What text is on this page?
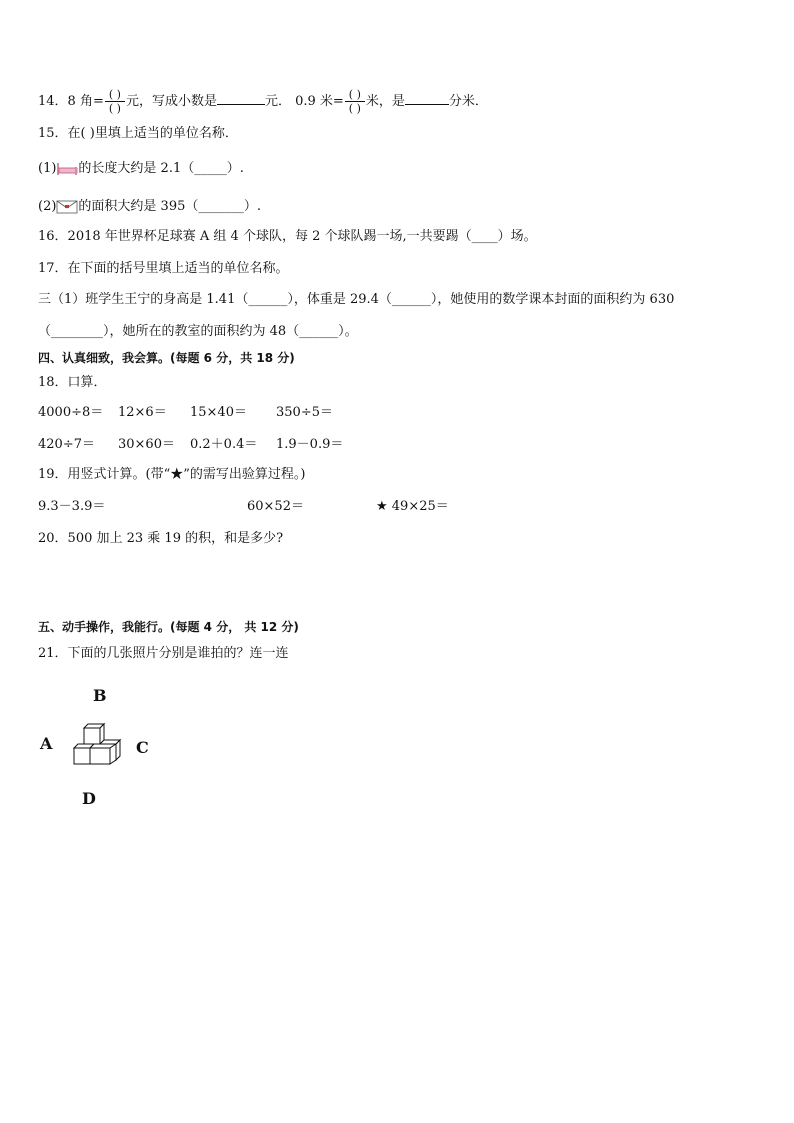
14．8 角= $\frac{( )}{( )}$ 元，写成小数是	元． 0.9 米= $\frac{( )}{( )}$ 米，是	分米．
15．在( )里填上适当的单位名称．
(1) 的长度大约是 2.1（_____）.
(2) 的面积大约是 395（_______）.
16．2018 年世界杯足球赛 A 组 4 个球队，每 2 个球队踢一场,一共要踢（____）场。
17．在下面的括号里填上适当的单位名称。
三（1）班学生王宁的身高是 1.41（______），体重是 29.4（______），她使用的数学课本封面的面积约为 630
（________），她所在的教室的面积约为 48（______）。
四、认真细致，我会算。(每题 6 分，共 18 分)
18．口算．
4000÷8＝ 12×6＝ 15×40＝ 350÷5＝
420÷7＝ 30×60＝ 0.2＋0.4＝ 1.9－0.9＝
19．用竖式计算。(带“★”的需写出验算过程。)
9.3－3.9＝	60×52＝	★ 49×25＝
20．500 加上 23 乘 19 的积，和是多少?
五、动手操作，我能行。(每题 4 分， 共 12 分)
21．下面的几张照片分别是谁拍的？连一连
A
B
C
D
